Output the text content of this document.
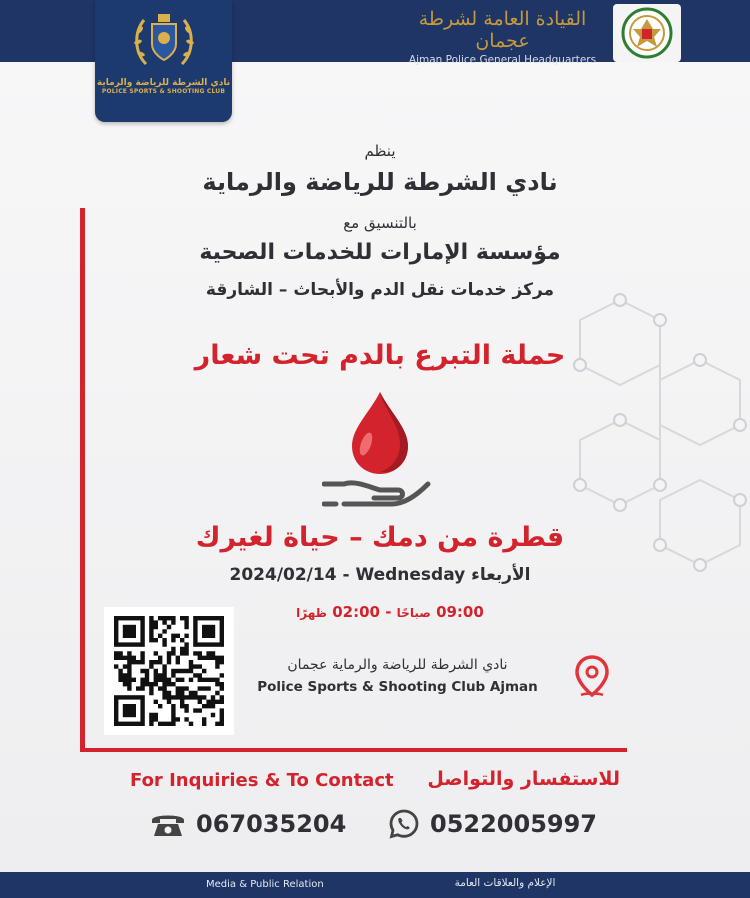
نادي الشرطة للرياضة والرماية
POLICE SPORTS & SHOOTING CLUB
القيادة العامة لشرطة عجمان
Ajman Police General Headquarters
ينظم
نادي الشرطة للرياضة والرماية
بالتنسيق مع
مؤسسة الإمارات للخدمات الصحية
مركز خدمات نقل الدم والأبحاث – الشارقة
حملة التبرع بالدم تحت شعار
قطرة من دمك – حياة لغيرك
2024/02/14 - Wednesday الأربعاء
09:00 صباحًا - 02:00 ظهرًا
نادي الشرطة للرياضة والرماية عجمان
Police Sports & Shooting Club Ajman
For Inquiries & To Contact	للاستفسار والتواصل
067035204	0522005997
Media & Public Relation	الإعلام والعلاقات العامة
